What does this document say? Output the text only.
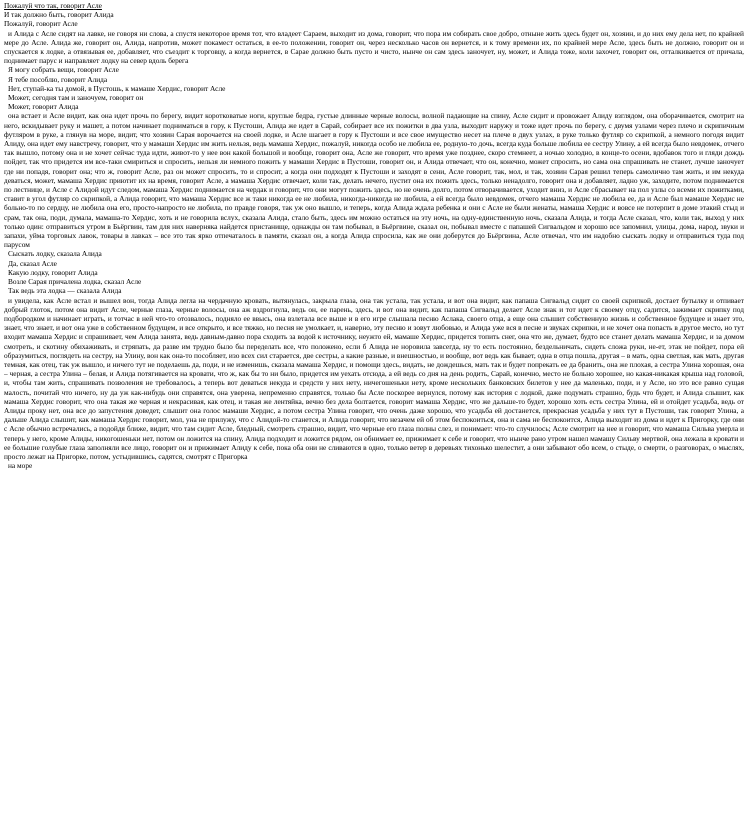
Пожалуй что так, говорит Асле
И так должно быть, говорит Алида
Пожалуй, говорит Асле

и Алида с Асле сидят на лавке, не говоря ни слова, а спустя некоторое время тот, что владеет Сараем, выходит из дома, говорит, что пора им собирать свое добро, отныне жить здесь будет он, хозяин, и до них ему дела нет, по крайней мере до Асле. Алида же, говорит он, Алида, напротив, может покамест остаться, в ее-то положении, говорит он, через несколько часов он вернется, и к тому времени их, по крайней мере Асле, здесь быть не должно, говорит он и спускается к лодке, а отвязывая ее, добавляет, что съездит к торговцу, а когда вернется, в Сарае должно быть пусто и чисто, нынче он сам здесь заночует, ну, может, и Алида тоже, коли захочет, говорит он, отталкивается от причала, поднимает парус и направляет лодку на север вдоль берега

Я могу собрать вещи, говорит Асле
Я тебе пособлю, говорит Алида
Нет, ступай-ка ты домой, в Пустошь, к мамаше Хердис, говорит Асле
Может, сегодня там и заночуем, говорит он
Может, говорит Алида

она встает и Асле видит, как она идет прочь по берегу, видит коротковатые ноги, круглые бедра, густые длинные черные волосы, волной падающие на спину, Асле сидит и провожает Алиду взглядом, она оборачивается, смотрит на него, вскидывает руку и машет, а потом начинает подниматься в гору, к Пустоши, Алида же идет в Сарай, собирает все их пожитки в два узла, выходит наружу и тоже идет прочь по берегу, с двумя узлами через плечо и скрипичным футляром в руке, а глянув на море, видит, что хозяин Сарая ворочается на своей лодке, и Асле шагает в гору к Пустоши и все свое имущество несет на плече в двух узлах, в руке только футляр со скрипкой, а немного погодя видит Алиду, она идет ему навстречу, говорит, что у мамаши Хердис им жить нельзя, ведь мамаша Хердис, пожалуй, никогда особо не любила ее, родную-то дочь, всегда куда больше любила ее сестру Улину, а ей всегда было невдомек, отчего так вышло, потому она и не хочет сейчас туда идти, живот-то у нее вон какой большой и вообще, говорит она, Асле же говорит, что время уже позднее, скоро стемнеет, а ночью холодно, в конце-то осени, вдобавок того и гляди дождь пойдет, так что придется им все-таки смириться и спросить, нельзя ли немного пожить у мамаши Хердис в Пустоши, говорит он, и Алида отвечает, что он, конечно, может спросить, но сама она спрашивать не станет, лучше заночует где ни попадя, говорит она; что ж, говорит Асле, раз он может спросить, то и спросит, а когда они подходят к Пустоши и заходят в сени, Асле говорит, так, мол, и так, хозяин Сарая решил теперь самолично там жить, и им некуда деваться, может, мамаша Хердис приютит их на время, говорит Асле, а мамаша Хердис отвечает, коли так, делать нечего, пустит она их пожить здесь, только ненадолго, говорит она и добавляет, ладно уж, заходите, потом поднимается по лестнице, и Асле с Алидой идут следом, мамаша Хердис поднимается на чердак и говорит, что они могут пожить здесь, но не очень долго, потом отворачивается, уходит вниз, и Асле сбрасывает на пол узлы со всеми их пожитками, ставит в угол футляр со скрипкой, а Алида говорит, что мамаша Хердис все ж таки никогда ее не любила, никогда-никогда не любила, а ей всегда было невдомек, отчего мамаша Хердис не любила ее, да и Асле был мамаше Хердис не больно-то по сердцу, не любила она его, просто-напросто не любила, по правде говоря, так уж оно вышло, и теперь, когда Алида ждала ребенка и они с Асле не были женаты, мамаша Хердис и вовсе не потерпит в доме этакий стыд и срам, так она, поди, думала, мамаша-то Хердис, хоть и не говорила вслух, сказала Алида, стало быть, здесь им можно остаться на эту ночь, на одну-единственную ночь, сказала Алида, и тогда Асле сказал, что, коли так, выход у них только один: отправиться утром в Бьёргвин, там для них наверняка найдется пристанище, однажды он там побывал, в Бьёргвине, сказал он, побывал вместе с папашей Сигвальдом и хорошо все запомнил, улицы, дома, народ, звуки и запахи, уйма торговых лавок, товары в лавках – все это так ярко отпечаталось в памяти, сказал он, а когда Алида спросила, как же они доберутся до Бьёргвина, Асле отвечал, что им надобно сыскать лодку и отправиться туда под парусом

Сыскать лодку, сказала Алида
Да, сказал Асле
Какую лодку, говорит Алида
Возле Сарая причалена лодка, сказал Асле
Так ведь эта лодка — сказала Алида

и увидела, как Асле встал и вышел вон, тогда Алида легла на чердачную кровать, вытянулась, закрыла глаза, она так устала, так устала, и вот она видит, как папаша Сигвальд сидит со своей скрипкой, достает бутылку и отпивает добрый глоток, потом она видит Асле, черные глаза, черные волосы, она аж вздрогнула, ведь он, ее парень, здесь, и вот она видит, как папаша Сигвальд делает Асле знак и тот идет к своему отцу, садится, зажимает скрипку под подбородком и начинает играть, и тотчас в ней что-то отозвалось, подняло ее ввысь, она взлетала все выше и в его игре слышала песню Аслака, своего отца, а еще она слышит собственную жизнь и собственное будущее и знает это, знает, что знает, и вот она уже в собственном будущем, и все открыто, и все тяжко, но песня не умолкает, и, наверно, эту песню и зовут любовью, и Алида уже вся в песне и звуках скрипки, и не хочет она попасть в другое место, но тут входит мамаша Хердис и спрашивает, чем Алида занята, ведь давным-давно пора сходить за водой к источнику, неужто ей, мамаше Хердис, придется топить снег, она что же, думает, будто все станет делать мамаша Хердис, и за домом смотреть, и скотину обихаживать, и стряпать, да разве им трудно было бы переделать все, что положено, если б Алида не норовила завсегда, ну то есть постоянно, бездельничать, сидеть сложа руки, не-ет, этак не пойдет, пора ей образумиться, поглядеть на сестру, на Улину, вон как она-то пособляет, изо всех сил старается, две сестры, а какие разные, и внешностью, и вообще, вот ведь как бывает, одна в отца пошла, другая – в мать, одна светлая, как мать, другая темная, как отец, так уж вышло, и ничего тут не поделаешь да, поди, и не изменишь, сказала мамаша Хердис, и помощи здесь, видать, не дождешься, мать так и будет попрекать ее да бранить, она же плохая, а сестра Улина хорошая, она – черная, а сестра Улина – белая, и Алида потягивается на кровати, что ж, как бы то ни было, придется им уехать отсюда, а ей ведь со дня на день родить, Сарай, конечно, место не больно хорошее, но какая-никакая крыша над головой, и, чтобы там жить, спрашивать позволения не требовалось, а теперь вот деваться некуда и средств у них нету, ничегошеньки нету, кроме нескольких банковских билетов у нее да маленько, поди, и у Асле, но это все равно сущая малость, почитай что ничего, ну да уж как-нибудь они справятся, она уверена, непременно справятся, только бы Асле поскорее вернулся, потому как история с лодкой, даже подумать страшно, будь что будет, и Алида слышит, как мамаша Хердис говорит, что она такая же черная и некрасивая, как отец, и такая же лентяйка, вечно без дела болтается, говорит мамаша Хердис, что же дальше-то будет, хорошо хоть есть сестра Улина, ей и отойдет усадьба, ведь от Алиды проку нет, она все до запустения доведет, слышит она голос мамаши Хердис, а потом сестра Улина говорит, что очень даже хорошо, что усадьба ей достанется, прекрасная усадьба у них тут в Пустоши, так говорит Улина, а дальше Алида слышит, как мамаша Хердис говорит, мол, уна не прилужу, что с Алидой-то станется, и Алида говорит, что незачем ей об этом беспокоиться, она и сама не беспокоится, Алида выходит из дома и идет к Пригорку, где они с Асле обычно встречались, а подойдя ближе, видит, что там сидит Асле, бледный, смотреть страшно, видит, что черные его глаза полны слез, и понимает: что-то случилось; Асле смотрит на нее и говорит, что мамаша Сильва умерла и теперь у него, кроме Алиды, никогошеньки нет, потом он ложится на спину, Алида подходит и ложится рядом, он обнимает ее, прижимает к себе и говорит, что нынче рано утром нашел мамашу Сильву мертвой, она лежала в кровати и ее большие голубые глаза заполняли все лицо, говорит он и прижимает Алиду к себе, пока оба они не сливаются в одно, только ветер в деревьях тихонько шелестит, а они забывают обо всем, о стыде, о смерти, о разговорах, о мыслях, просто лежат на Пригорке, потом, устыдившись, садятся, смотрят с Пригорка

на море
